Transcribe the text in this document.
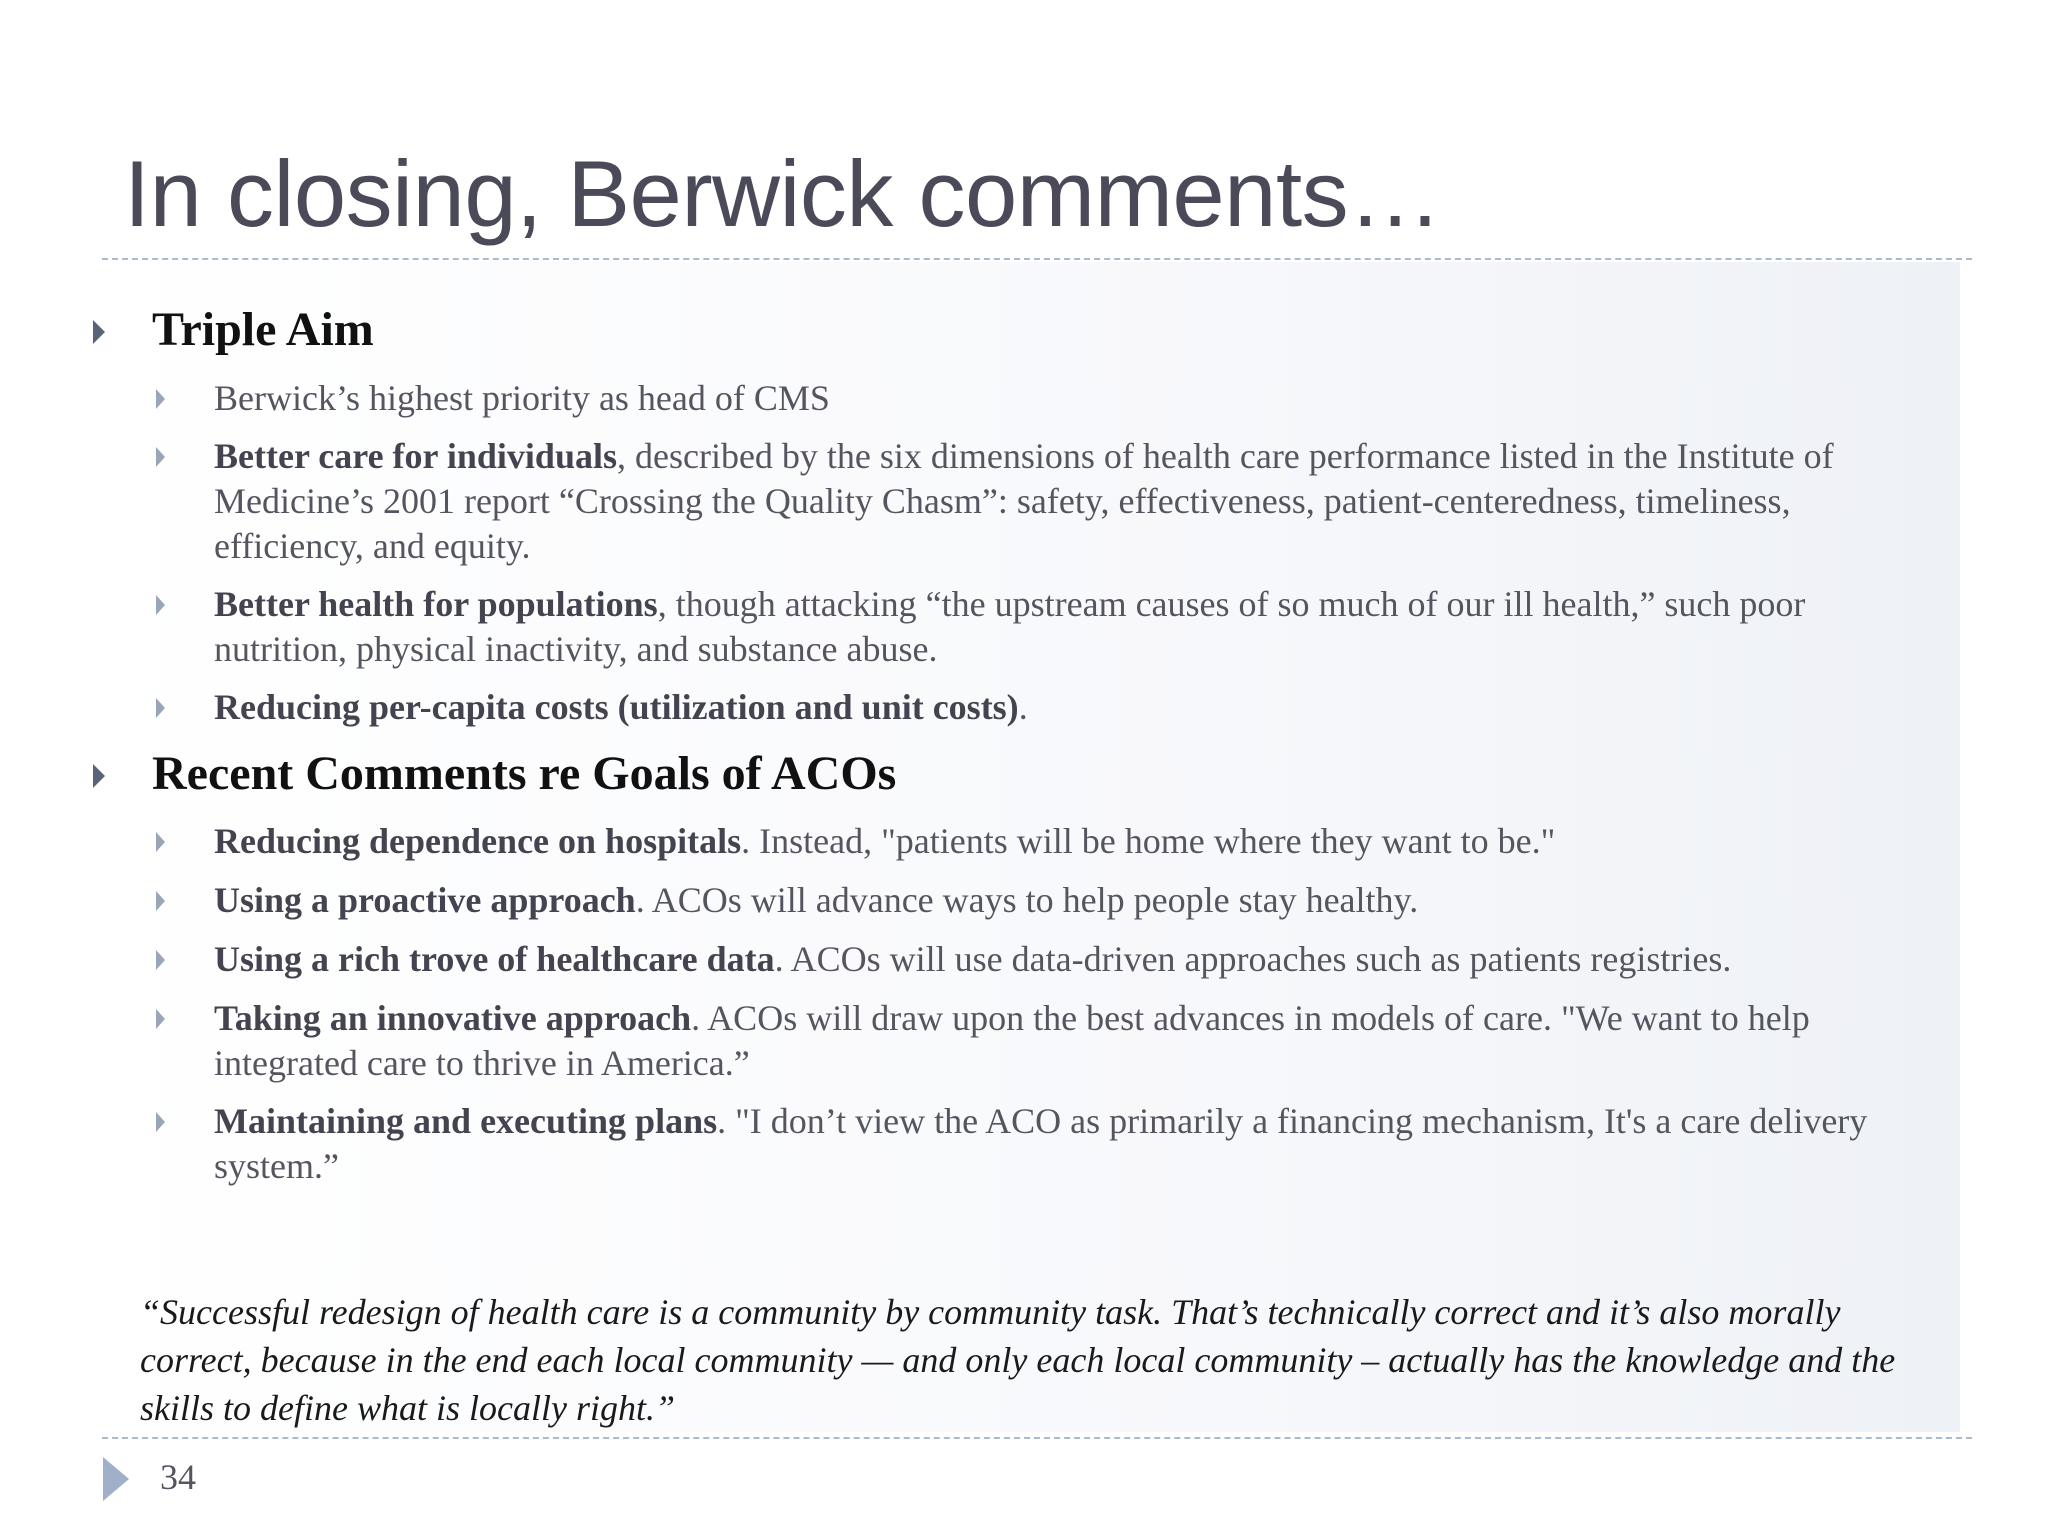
In closing, Berwick comments…
Triple Aim
Berwick’s highest priority as head of CMS
Better care for individuals, described by the six dimensions of health care performance listed in the Institute of Medicine’s 2001 report “Crossing the Quality Chasm”: safety, effectiveness, patient-centeredness, timeliness, efficiency, and equity.
Better health for populations, though attacking “the upstream causes of so much of our ill health,” such poor nutrition, physical inactivity, and substance abuse.
Reducing per-capita costs (utilization and unit costs).
Recent Comments re Goals of ACOs
Reducing dependence on hospitals. Instead, "patients will be home where they want to be."
Using a proactive approach. ACOs will advance ways to help people stay healthy.
Using a rich trove of healthcare data. ACOs will use data-driven approaches such as patients registries.
Taking an innovative approach. ACOs will draw upon the best advances in models of care. "We want to help integrated care to thrive in America.”
Maintaining and executing plans. "I don’t view the ACO as primarily a financing mechanism, It's a care delivery system.”
“Successful redesign of health care is a community by community task. That’s technically correct and it’s also morally correct, because in the end each local community — and only each local community – actually has the knowledge and the skills to define what is locally right.”
34
